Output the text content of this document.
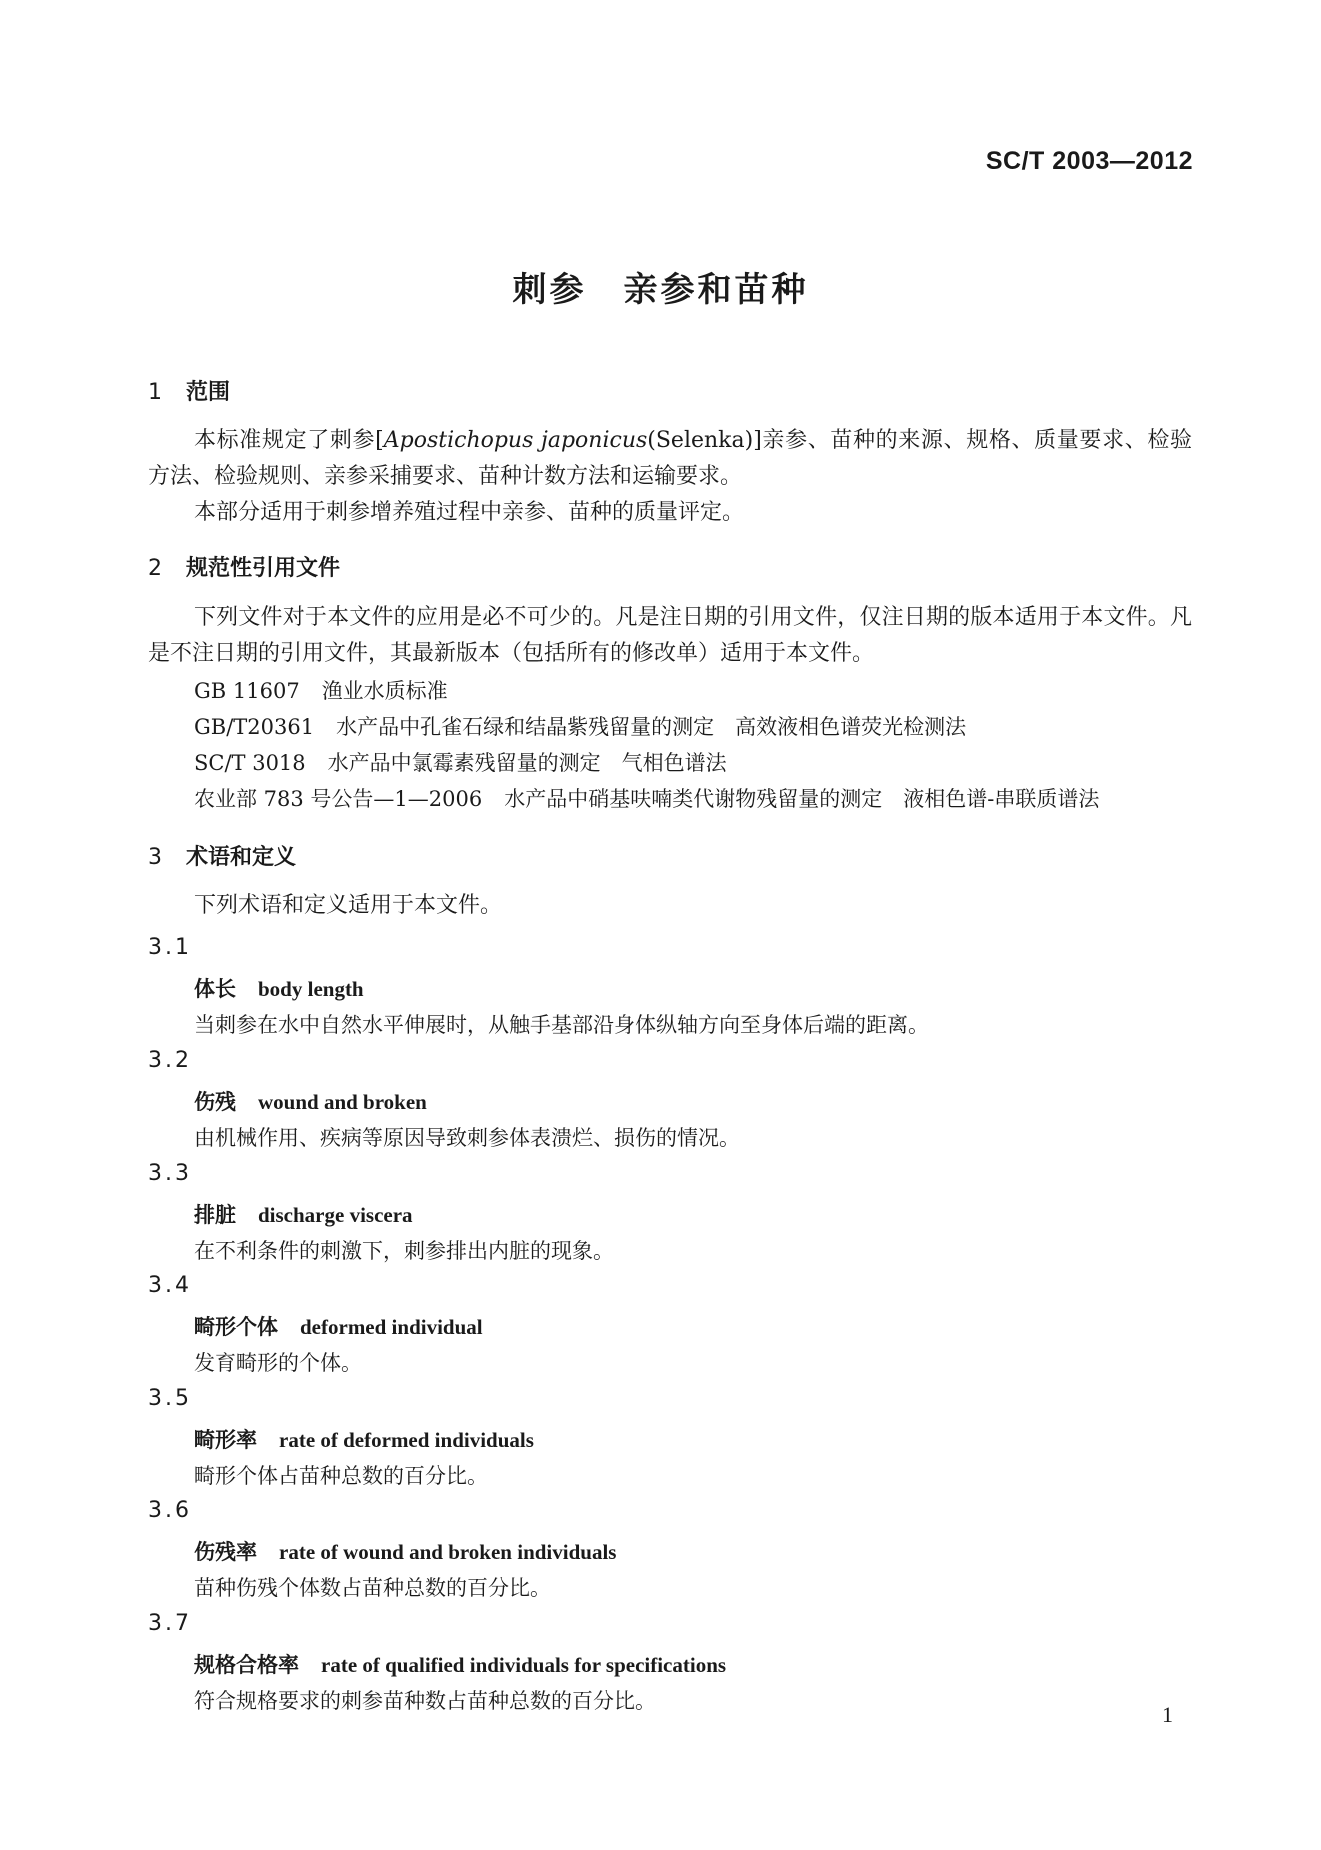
SC/T 2003—2012
刺参　亲参和苗种
1 范围
本标准规定了刺参[Apostichopus japonicus(Selenka)]亲参、苗种的来源、规格、质量要求、检验方法、检验规则、亲参采捕要求、苗种计数方法和运输要求。
本部分适用于刺参增养殖过程中亲参、苗种的质量评定。
2 规范性引用文件
下列文件对于本文件的应用是必不可少的。凡是注日期的引用文件，仅注日期的版本适用于本文件。凡是不注日期的引用文件，其最新版本（包括所有的修改单）适用于本文件。
GB 11607 渔业水质标准
GB/T20361 水产品中孔雀石绿和结晶紫残留量的测定　高效液相色谱荧光检测法
SC/T 3018 水产品中氯霉素残留量的测定　气相色谱法
农业部 783 号公告—1—2006 水产品中硝基呋喃类代谢物残留量的测定　液相色谱-串联质谱法
3 术语和定义
下列术语和定义适用于本文件。
3.1
体长 body length
当刺参在水中自然水平伸展时，从触手基部沿身体纵轴方向至身体后端的距离。
3.2
伤残 wound and broken
由机械作用、疾病等原因导致刺参体表溃烂、损伤的情况。
3.3
排脏 discharge viscera
在不利条件的刺激下，刺参排出内脏的现象。
3.4
畸形个体 deformed individual
发育畸形的个体。
3.5
畸形率 rate of deformed individuals
畸形个体占苗种总数的百分比。
3.6
伤残率 rate of wound and broken individuals
苗种伤残个体数占苗种总数的百分比。
3.7
规格合格率 rate of qualified individuals for specifications
符合规格要求的刺参苗种数占苗种总数的百分比。
1
